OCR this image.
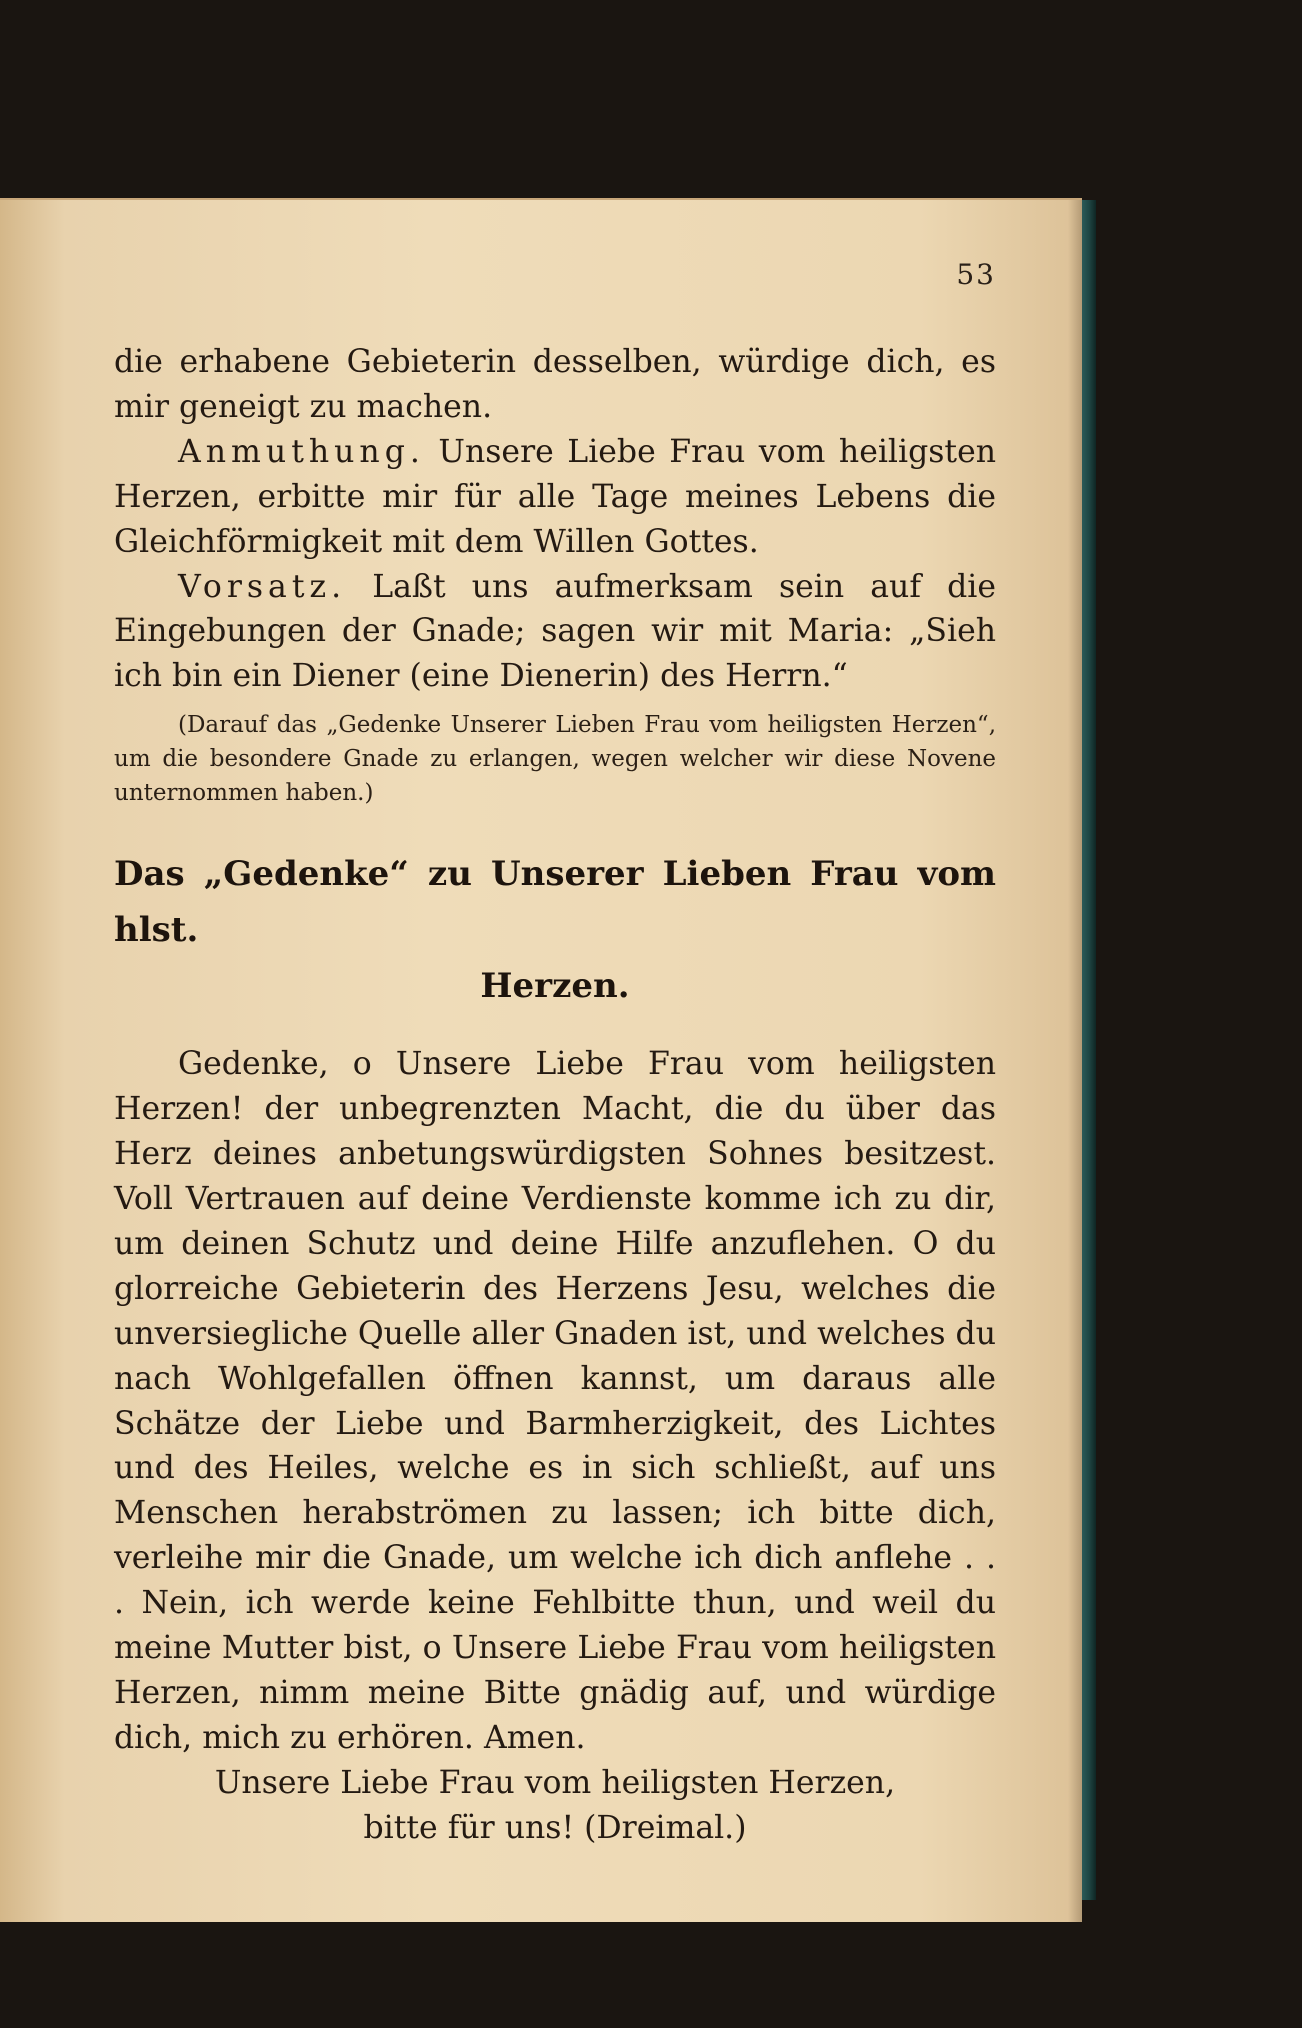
53

die erhabene Gebieterin desselben, würdige dich, es mir geneigt zu machen.

Anmuthung. Unsere Liebe Frau vom heiligsten Herzen, erbitte mir für alle Tage meines Lebens die Gleichförmigkeit mit dem Willen Gottes.

Vorsatz. Laßt uns aufmerksam sein auf die Eingebungen der Gnade; sagen wir mit Maria: „Sieh ich bin ein Diener (eine Dienerin) des Herrn.“

(Darauf das „Gedenke Unserer Lieben Frau vom heiligsten Herzen“, um die besondere Gnade zu erlangen, wegen welcher wir diese Novene unternommen haben.)

Das „Gedenke“ zu Unserer Lieben Frau vom hlst.
Herzen.

Gedenke, o Unsere Liebe Frau vom heiligsten Herzen! der unbegrenzten Macht, die du über das Herz deines anbetungswürdigsten Sohnes besitzest. Voll Vertrauen auf deine Verdienste komme ich zu dir, um deinen Schutz und deine Hilfe anzuflehen. O du glorreiche Gebieterin des Herzens Jesu, welches die unversiegliche Quelle aller Gnaden ist, und welches du nach Wohlgefallen öffnen kannst, um daraus alle Schätze der Liebe und Barmherzigkeit, des Lichtes und des Heiles, welche es in sich schließt, auf uns Menschen herabströmen zu lassen; ich bitte dich, verleihe mir die Gnade, um welche ich dich anflehe . . . Nein, ich werde keine Fehlbitte thun, und weil du meine Mutter bist, o Unsere Liebe Frau vom heiligsten Herzen, nimm meine Bitte gnädig auf, und würdige dich, mich zu erhören. Amen.

Unsere Liebe Frau vom heiligsten Herzen,

bitte für uns! (Dreimal.)
